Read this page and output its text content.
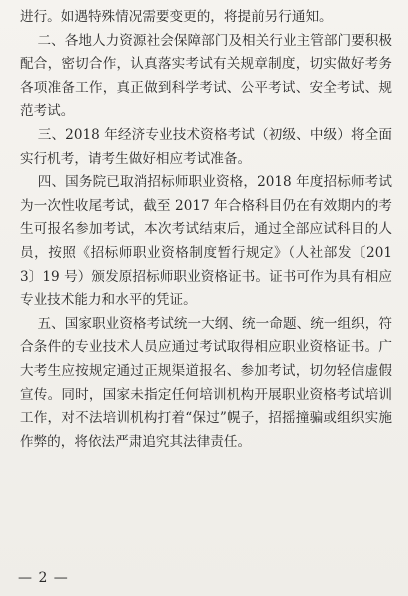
进行。如遇特殊情况需要变更的，将提前另行通知。

二、各地人力资源社会保障部门及相关行业主管部门要积极配合，密切合作，认真落实考试有关规章制度，切实做好考务各项准备工作，真正做到科学考试、公平考试、安全考试、规范考试。

三、2018 年经济专业技术资格考试（初级、中级）将全面实行机考，请考生做好相应考试准备。

四、国务院已取消招标师职业资格，2018 年度招标师考试为一次性收尾考试，截至 2017 年合格科目仍在有效期内的考生可报名参加考试，本次考试结束后，通过全部应试科目的人员，按照《招标师职业资格制度暂行规定》（人社部发〔2013〕19 号）颁发原招标师职业资格证书。证书可作为具有相应专业技术能力和水平的凭证。

五、国家职业资格考试统一大纲、统一命题、统一组织，符合条件的专业技术人员应通过考试取得相应职业资格证书。广大考生应按规定通过正规渠道报名、参加考试，切勿轻信虚假宣传。同时，国家未指定任何培训机构开展职业资格考试培训工作，对不法培训机构打着“保过”幌子，招摇撞骗或组织实施作弊的，将依法严肃追究其法律责任。

— 2 —
